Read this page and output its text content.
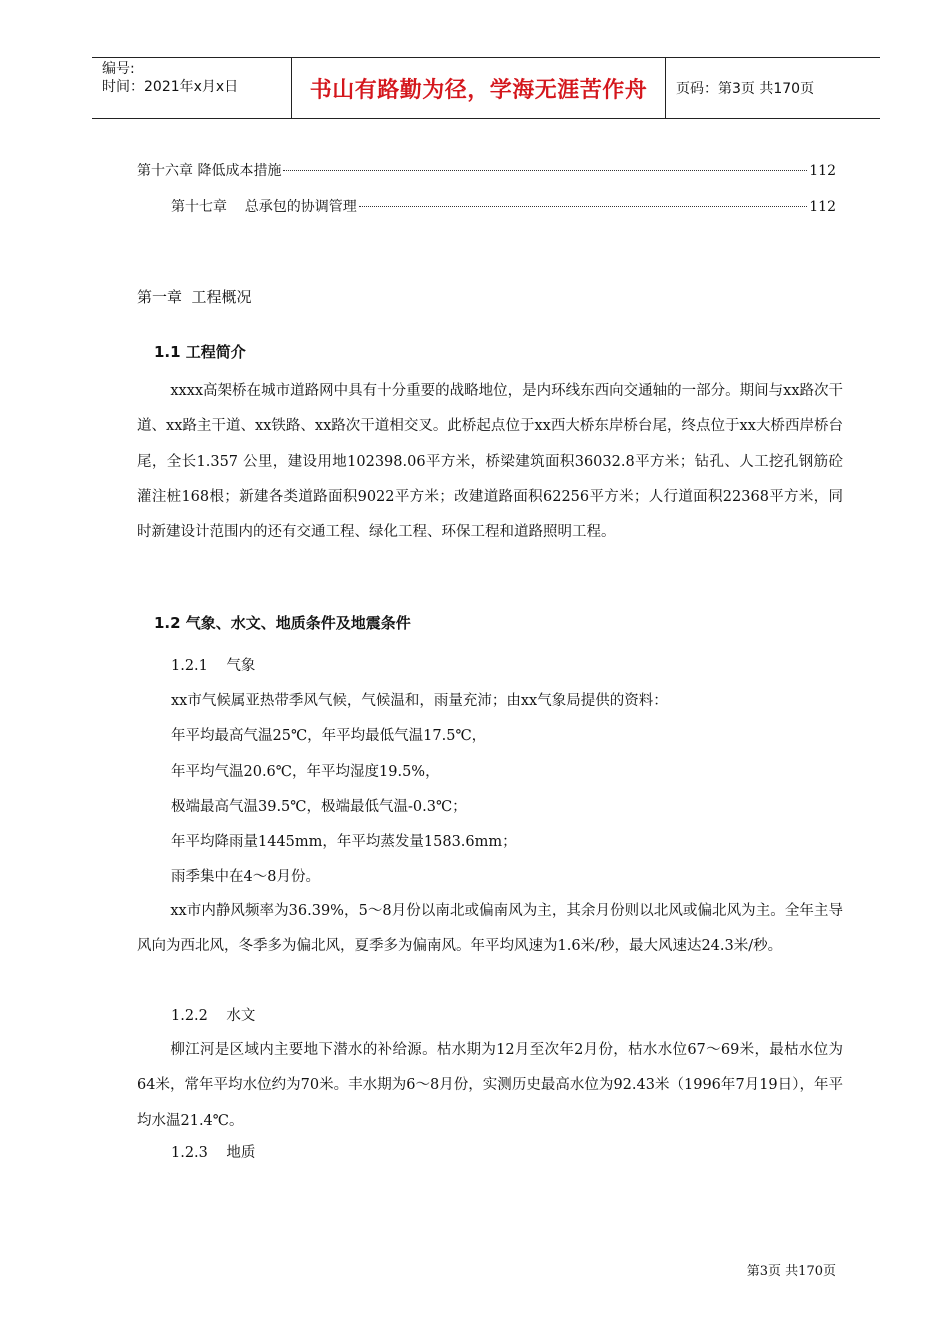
编号:
时间：2021年x月x日	书山有路勤为径，学海无涯苦作舟	页码：第3页 共170页
第十六章 降低成本措施	112
第十七章    总承包的协调管理	112
第一章  工程概况
1.1 工程简介
xxxx高架桥在城市道路网中具有十分重要的战略地位，是内环线东西向交通轴的一部分。期间与xx路次干道、xx路主干道、xx铁路、xx路次干道相交叉。此桥起点位于xx西大桥东岸桥台尾，终点位于xx大桥西岸桥台尾，全长1.357 公里，建设用地102398.06平方米，桥梁建筑面积36032.8平方米；钻孔、人工挖孔钢筋砼灌注桩168根；新建各类道路面积9022平方米；改建道路面积62256平方米；人行道面积22368平方米，同时新建设计范围内的还有交通工程、绿化工程、环保工程和道路照明工程。
1.2 气象、水文、地质条件及地震条件
1.2.1    气象
xx市气候属亚热带季风气候，气候温和，雨量充沛；由xx气象局提供的资料：
年平均最高气温25℃，年平均最低气温17.5℃，
年平均气温20.6℃，年平均湿度19.5%，
极端最高气温39.5℃，极端最低气温-0.3℃；
年平均降雨量1445mm，年平均蒸发量1583.6mm；
雨季集中在4～8月份。
xx市内静风频率为36.39%，5～8月份以南北或偏南风为主，其余月份则以北风或偏北风为主。全年主导风向为西北风，冬季多为偏北风，夏季多为偏南风。年平均风速为1.6米/秒，最大风速达24.3米/秒。
1.2.2    水文
柳江河是区域内主要地下潜水的补给源。枯水期为12月至次年2月份，枯水水位67～69米，最枯水位为64米，常年平均水位约为70米。丰水期为6～8月份，实测历史最高水位为92.43米（1996年7月19日），年平均水温21.4℃。
1.2.3    地质
第3页 共170页
